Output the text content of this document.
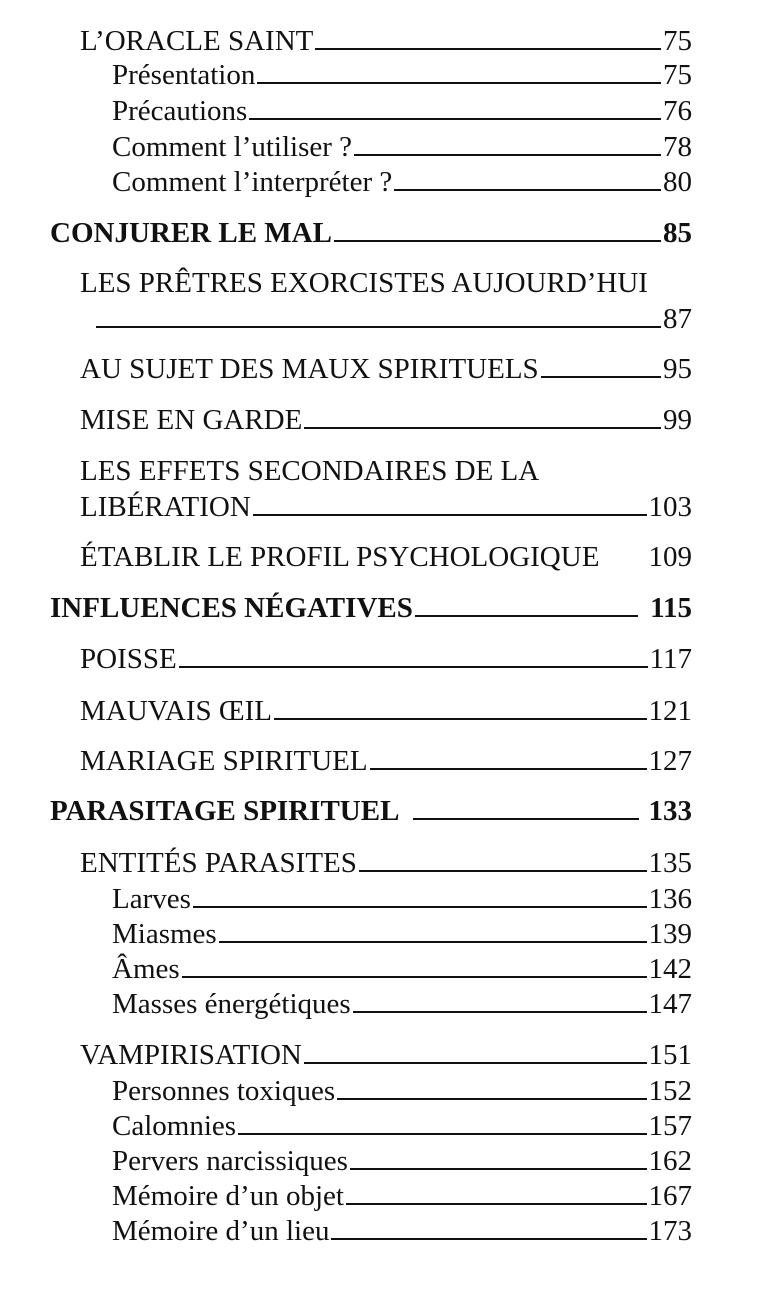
L’ORACLE SAINT	75
Présentation	75
Précautions	76
Comment l’utiliser ?	78
Comment l’interpréter ?	80
CONJURER LE MAL	85
LES PRÊTRES EXORCISTES AUJOURD’HUI
87
AU SUJET DES MAUX SPIRITUELS	95
MISE EN GARDE	99
LES EFFETS SECONDAIRES DE LA
LIBÉRATION	103
ÉTABLIR LE PROFIL PSYCHOLOGIQUE 109
INFLUENCES NÉGATIVES	115
POISSE	117
MAUVAIS ŒIL	121
MARIAGE SPIRITUEL	127
PARASITAGE SPIRITUEL	133
ENTITÉS PARASITES	135
Larves	136
Miasmes	139
Âmes	142
Masses énergétiques	147
VAMPIRISATION	151
Personnes toxiques	152
Calomnies	157
Pervers narcissiques	162
Mémoire d’un objet	167
Mémoire d’un lieu	173
